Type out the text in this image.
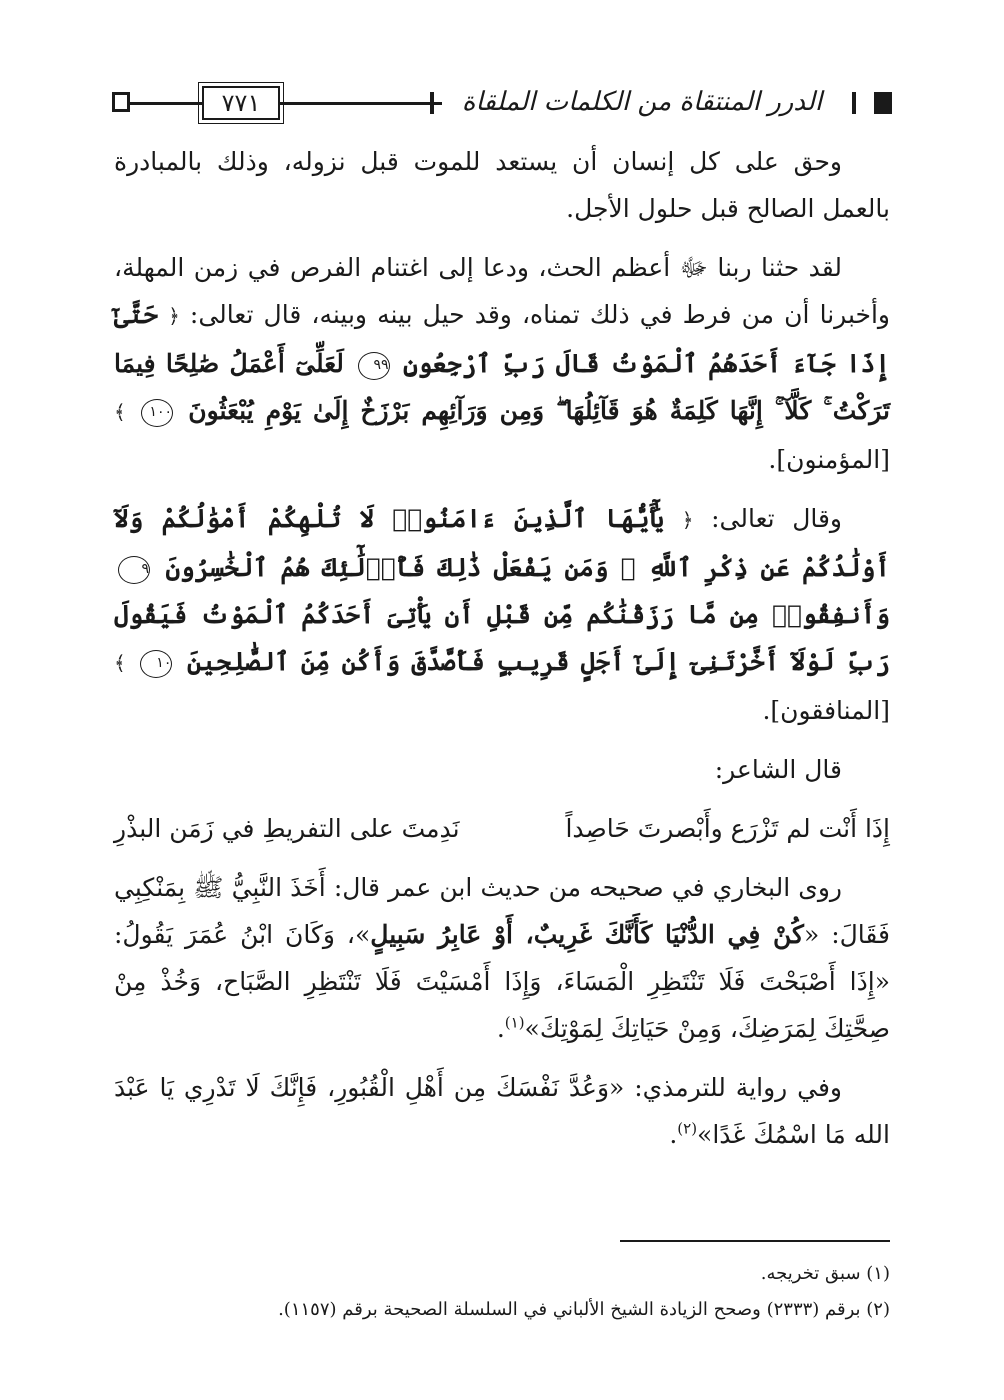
٧٧١	الدرر المنتقاة من الكلمات الملقاة

وحق على كل إنسان أن يستعد للموت قبل نزوله، وذلك بالمبادرة بالعمل الصالح قبل حلول الأجل.

لقد حثنا ربنا ﷻ أعظم الحث، ودعا إلى اغتنام الفرص في زمن المهلة، وأخبرنا أن من فرط في ذلك تمناه، وقد حيل بينه وبينه، قال تعالى: ﴿ حَتَّىٰٓ إِذَا جَآءَ أَحَدَهُمُ ٱلْمَوْتُ قَالَ رَبِّ ٱرْجِعُونِ ٩٩ لَعَلِّىٓ أَعْمَلُ صَٰلِحًا فِيمَا تَرَكْتُ ۚ كَلَّآ ۚ إِنَّهَا كَلِمَةٌ هُوَ قَآئِلُهَا ۖ وَمِن وَرَآئِهِم بَرْزَخٌ إِلَىٰ يَوْمِ يُبْعَثُونَ ١٠٠ ﴾ [المؤمنون].

وقال تعالى: ﴿ يَٰٓأَيُّهَا ٱلَّذِينَ ءَامَنُوا۟ لَا تُلْهِكُمْ أَمْوَٰلُكُمْ وَلَآ أَوْلَٰدُكُمْ عَن ذِكْرِ ٱللَّهِ ۚ وَمَن يَفْعَلْ ذَٰلِكَ فَأُو۟لَٰٓئِكَ هُمُ ٱلْخَٰسِرُونَ ٩ وَأَنفِقُوا۟ مِن مَّا رَزَقْنَٰكُم مِّن قَبْلِ أَن يَأْتِىَ أَحَدَكُمُ ٱلْمَوْتُ فَيَقُولَ رَبِّ لَوْلَآ أَخَّرْتَنِىٓ إِلَىٰٓ أَجَلٍ قَرِيبٍ فَأَصَّدَّقَ وَأَكُن مِّنَ ٱلصَّٰلِحِينَ ١٠ ﴾ [المنافقون].

قال الشاعر:

إِذَا أَنْت لم تَزْرَع وأَبْصرتَ حَاصِداً
نَدِمتَ على التفريطِ في زَمَن البذْرِ

روى البخاري في صحيحه من حديث ابن عمر قال: أَخَذَ النَّبِيُّ ﷺ بِمَنْكِبِي فَقَالَ: «كُنْ فِي الدُّنْيَا كَأَنَّكَ غَرِيبٌ، أَوْ عَابِرُ سَبِيلٍ»، وَكَانَ ابْنُ عُمَرَ يَقُولُ: «إِذَا أَصْبَحْتَ فَلَا تَنْتَظِرِ الْمَسَاءَ، وَإِذَا أَمْسَيْتَ فَلَا تَنْتَظِرِ الصَّبَاح، وَخُذْ مِنْ صِحَّتِكَ لِمَرَضِكَ، وَمِنْ حَيَاتِكَ لِمَوْتِكَ»$^{(١)}$.

وفي رواية للترمذي: «وَعُدَّ نَفْسَكَ مِن أَهْلِ الْقُبُورِ، فَإِنَّكَ لَا تَدْرِي يَا عَبْدَ الله مَا اسْمُكَ غَدًا»$^{(٢)}$.

(١) سبق تخريجه.
(٢) برقم (٢٣٣٣) وصحح الزيادة الشيخ الألباني في السلسلة الصحيحة برقم (١١٥٧).
